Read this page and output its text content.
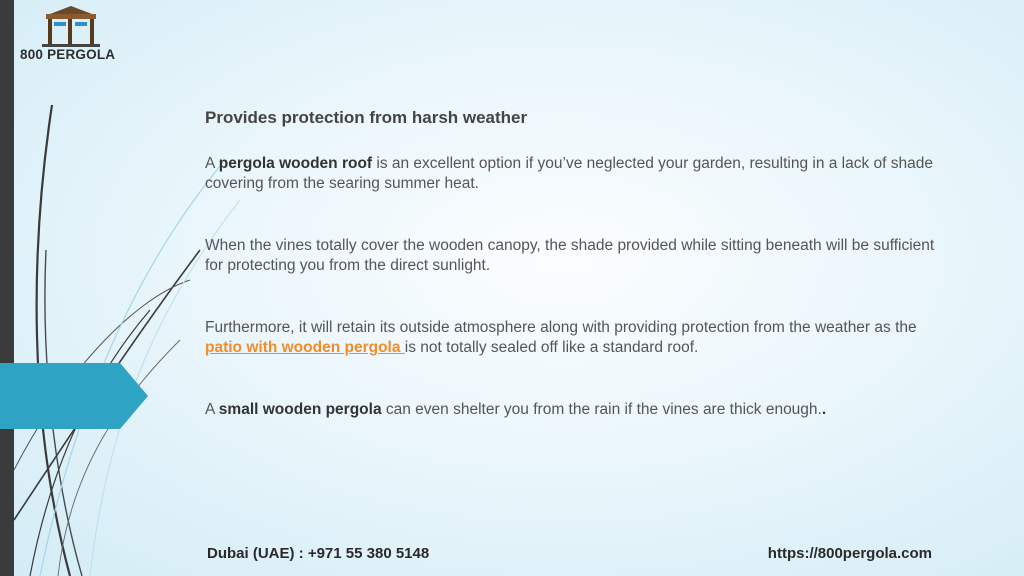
800 PERGOLA
Provides protection from harsh weather

A pergola wooden roof is an excellent option if you’ve neglected your garden, resulting in a lack of shade covering from the searing summer heat.

When the vines totally cover the wooden canopy, the shade provided while sitting beneath will be sufficient for protecting you from the direct sunlight.

Furthermore, it will retain its outside atmosphere along with providing protection from the weather as the patio with wooden pergola is not totally sealed off like a standard roof.

A small wooden pergola can even shelter you from the rain if the vines are thick enough..

Dubai (UAE) : +971 55 380 5148	https://800pergola.com
